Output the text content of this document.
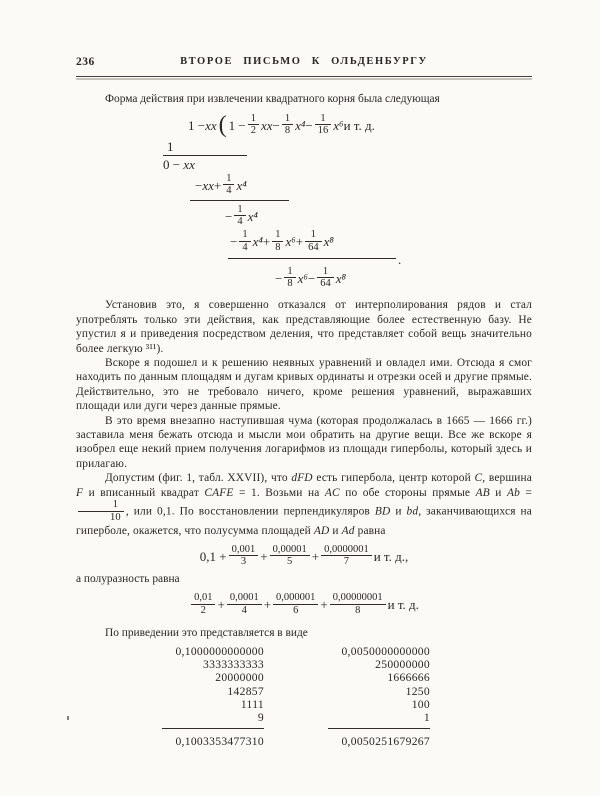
236	ВТОРОЕ ПИСЬМО К ОЛЬДЕНБУРГУ

Форма действия при извлечении квадратного корня была следующая

1 − xx ( $1 - \frac{1}{2}$ xx − $\frac{1}{8} x^4 - \frac{1}{16} x^6$ и т. д.
1
0 − xx
− xx + $\frac{1}{4} x^4$
− $\frac{1}{4} x^4$
− $\frac{1}{4} x^4 + \frac{1}{8} x^6 + \frac{1}{64} x^8$
.
− $\frac{1}{8} x^6 - \frac{1}{64} x^8$

Установив это, я совершенно отказался от интерполирования рядов и стал употреблять только эти действия, как представляющие более естественную базу. Не упустил я и приведения посредством деления, что представляет собой вещь значительно более легкую ³¹¹).

Вскоре я подошел и к решению неявных уравнений и овладел ими. Отсюда я смог находить по данным площадям и дугам кривых ординаты и отрезки осей и другие прямые. Действительно, это не требовало ничего, кроме решения уравнений, выражавших площади или дуги через данные прямые.

В это время внезапно наступившая чума (которая продолжалась в 1665 — 1666 гг.) заставила меня бежать отсюда и мысли мои обратить на другие вещи. Все же вскоре я изобрел еще некий прием получения логарифмов из площади гиперболы, который здесь и прилагаю.

Допустим (фиг. 1, табл. XXVII), что dFD есть гипербола, центр которой C, вершина F и вписанный квадрат CAFE = 1. Возьми на AC по обе стороны прямые AB и Ab =
$\frac{1}{10}$ , или 0,1. По восстановлении перпендикуляров BD и bd, заканчивающихся на гиперболе, окажется, что полусумма площадей AD и Ad равна

$0,1 + \frac{0,001}{3} + \frac{0,00001}{5} + \frac{0,0000001}{7}$ и т. д.,

а полуразность равна

$\frac{0,01}{2} + \frac{0,0001}{4} + \frac{0,000001}{6} + \frac{0,00000001}{8}$ и т. д.

По приведении это представляется в виде

0,1000000000000
3333333333
20000000
142857
1111
9
0,1003353477310
0,0050000000000
250000000
1666666
1250
100
1
0,0050251679267
